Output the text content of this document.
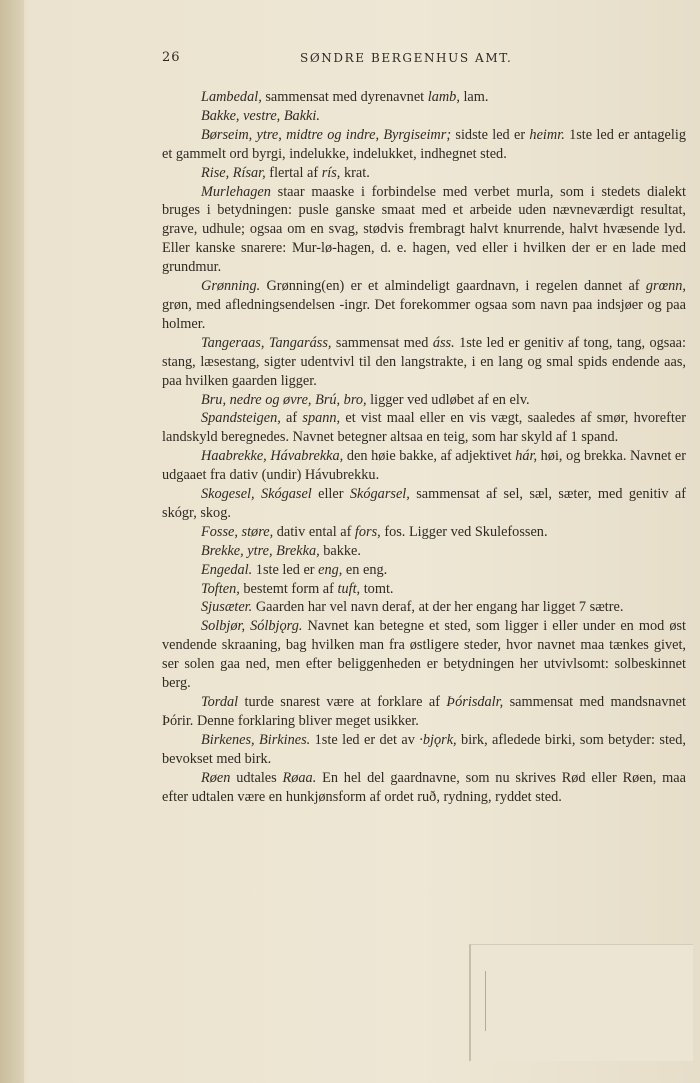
26	SØNDRE BERGENHUS AMT.

Lambedal, sammensat med dyrenavnet lamb, lam.

Bakke, vestre, Bakki.

Børseim, ytre, midtre og indre, Byrgiseimr; sidste led er heimr. 1ste led er antagelig et gammelt ord byrgi, indelukke, indelukket, indhegnet sted.

Rise, Rísar, flertal af rís, krat.

Murlehagen staar maaske i forbindelse med verbet murla, som i stedets dialekt bruges i betydningen: pusle ganske smaat med et arbeide uden nævneværdigt resultat, grave, udhule; ogsaa om en svag, stødvis frembragt halvt knurrende, halvt hvæsende lyd. Eller kanske snarere: Mur-lø-hagen, d. e. hagen, ved eller i hvilken der er en lade med grundmur.

Grønning. Grønning(en) er et almindeligt gaardnavn, i regelen dannet af grœnn, grøn, med afledningsendelsen -ingr. Det forekommer ogsaa som navn paa indsjøer og paa holmer.

Tangeraas, Tangaráss, sammensat med áss. 1ste led er genitiv af tong, tang, ogsaa: stang, læsestang, sigter udentvivl til den langstrakte, i en lang og smal spids endende aas, paa hvilken gaarden ligger.

Bru, nedre og øvre, Brú, bro, ligger ved udløbet af en elv.

Spandsteigen, af spann, et vist maal eller en vis vægt, saaledes af smør, hvorefter landskyld beregnedes. Navnet betegner altsaa en teig, som har skyld af 1 spand.

Haabrekke, Hávabrekka, den høie bakke, af adjektivet hár, høi, og brekka. Navnet er udgaaet fra dativ (undir) Hávubrekku.

Skogesel, Skógasel eller Skógarsel, sammensat af sel, sæl, sæter, med genitiv af skógr, skog.

Fosse, støre, dativ ental af fors, fos. Ligger ved Skulefossen.

Brekke, ytre, Brekka, bakke.

Engedal. 1ste led er eng, en eng.

Toften, bestemt form af tuft, tomt.

Sjusæter. Gaarden har vel navn deraf, at der her engang har ligget 7 sætre.

Solbjør, Sólbjǫrg. Navnet kan betegne et sted, som ligger i eller under en mod øst vendende skraaning, bag hvilken man fra østligere steder, hvor navnet maa tænkes givet, ser solen gaa ned, men efter beliggenheden er betydningen her utvivlsomt: solbeskinnet berg.

Tordal turde snarest være at forklare af Þórisdalr, sammensat med mandsnavnet Þórir. Denne forklaring bliver meget usikker.

Birkenes, Birkines. 1ste led er det av ·bjǫrk, birk, afledede birki, som betyder: sted, bevokset med birk.

Røen udtales Røaa. En hel del gaardnavne, som nu skrives Rød eller Røen, maa efter udtalen være en hunkjønsform af ordet ruð, rydning, ryddet sted.
